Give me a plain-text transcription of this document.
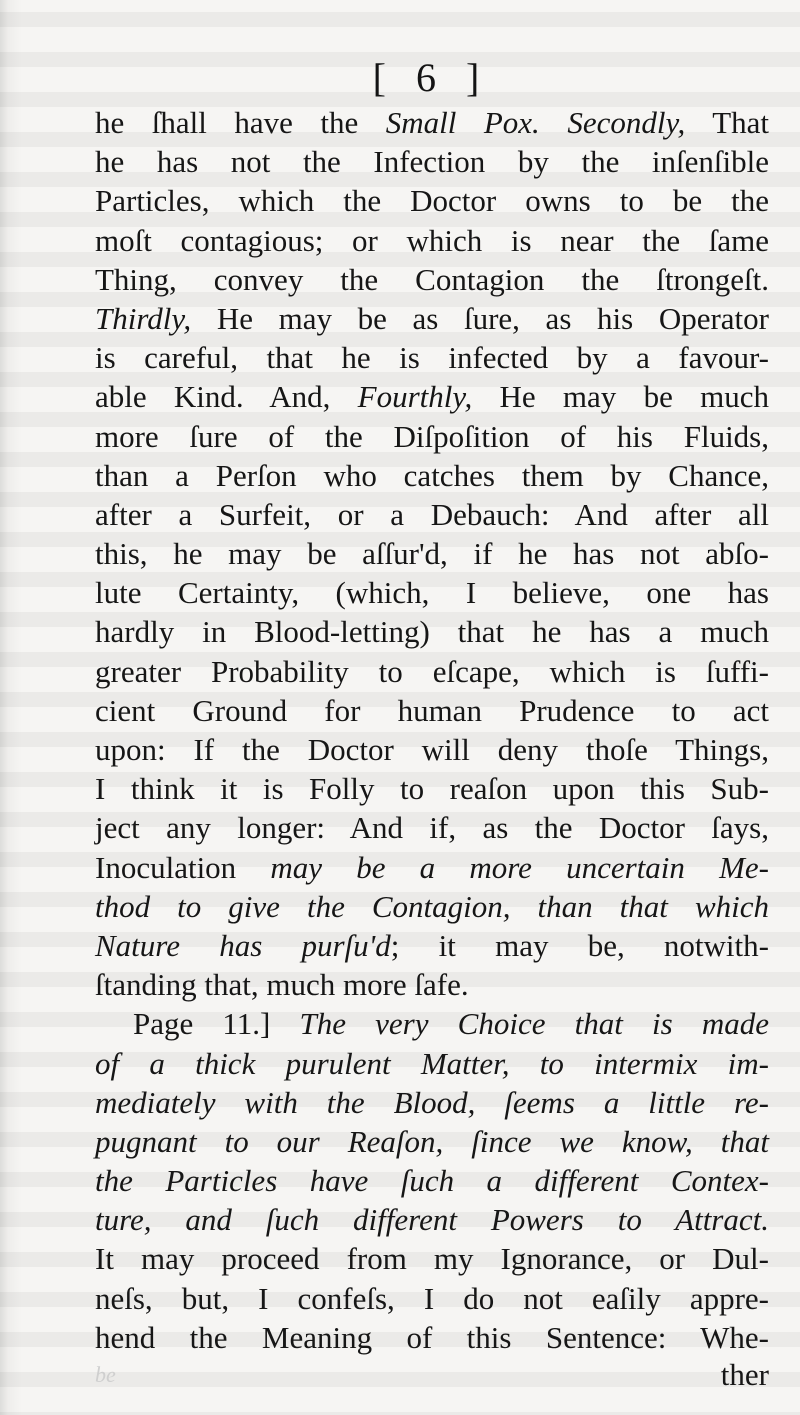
[ 6 ]
he ſhall have the Small Pox. Secondly, That
he has not the Infection by the inſenſible
Particles, which the Doctor owns to be the
moſt contagious; or which is near the ſame
Thing, convey the Contagion the ſtrongeſt.
Thirdly, He may be as ſure, as his Operator
is careful, that he is infected by a favour-
able Kind. And, Fourthly, He may be much
more ſure of the Diſpoſition of his Fluids,
than a Perſon who catches them by Chance,
after a Surfeit, or a Debauch: And after all
this, he may be aſſur'd, if he has not abſo-
lute Certainty, (which, I believe, one has
hardly in Blood-letting) that he has a much
greater Probability to eſcape, which is ſuffi-
cient Ground for human Prudence to act
upon: If the Doctor will deny thoſe Things,
I think it is Folly to reaſon upon this Sub-
ject any longer: And if, as the Doctor ſays,
Inoculation may be a more uncertain Me-
thod to give the Contagion, than that which
Nature has purſu'd; it may be, notwith-
ſtanding that, much more ſafe.
Page 11.] The very Choice that is made
of a thick purulent Matter, to intermix im-
mediately with the Blood, ſeems a little re-
pugnant to our Reaſon, ſince we know, that
the Particles have ſuch a different Contex-
ture, and ſuch different Powers to Attract.
It may proceed from my Ignorance, or Dul-
neſs, but, I confeſs, I do not eaſily appre-
hend the Meaning of this Sentence: Whe-
be	ther
